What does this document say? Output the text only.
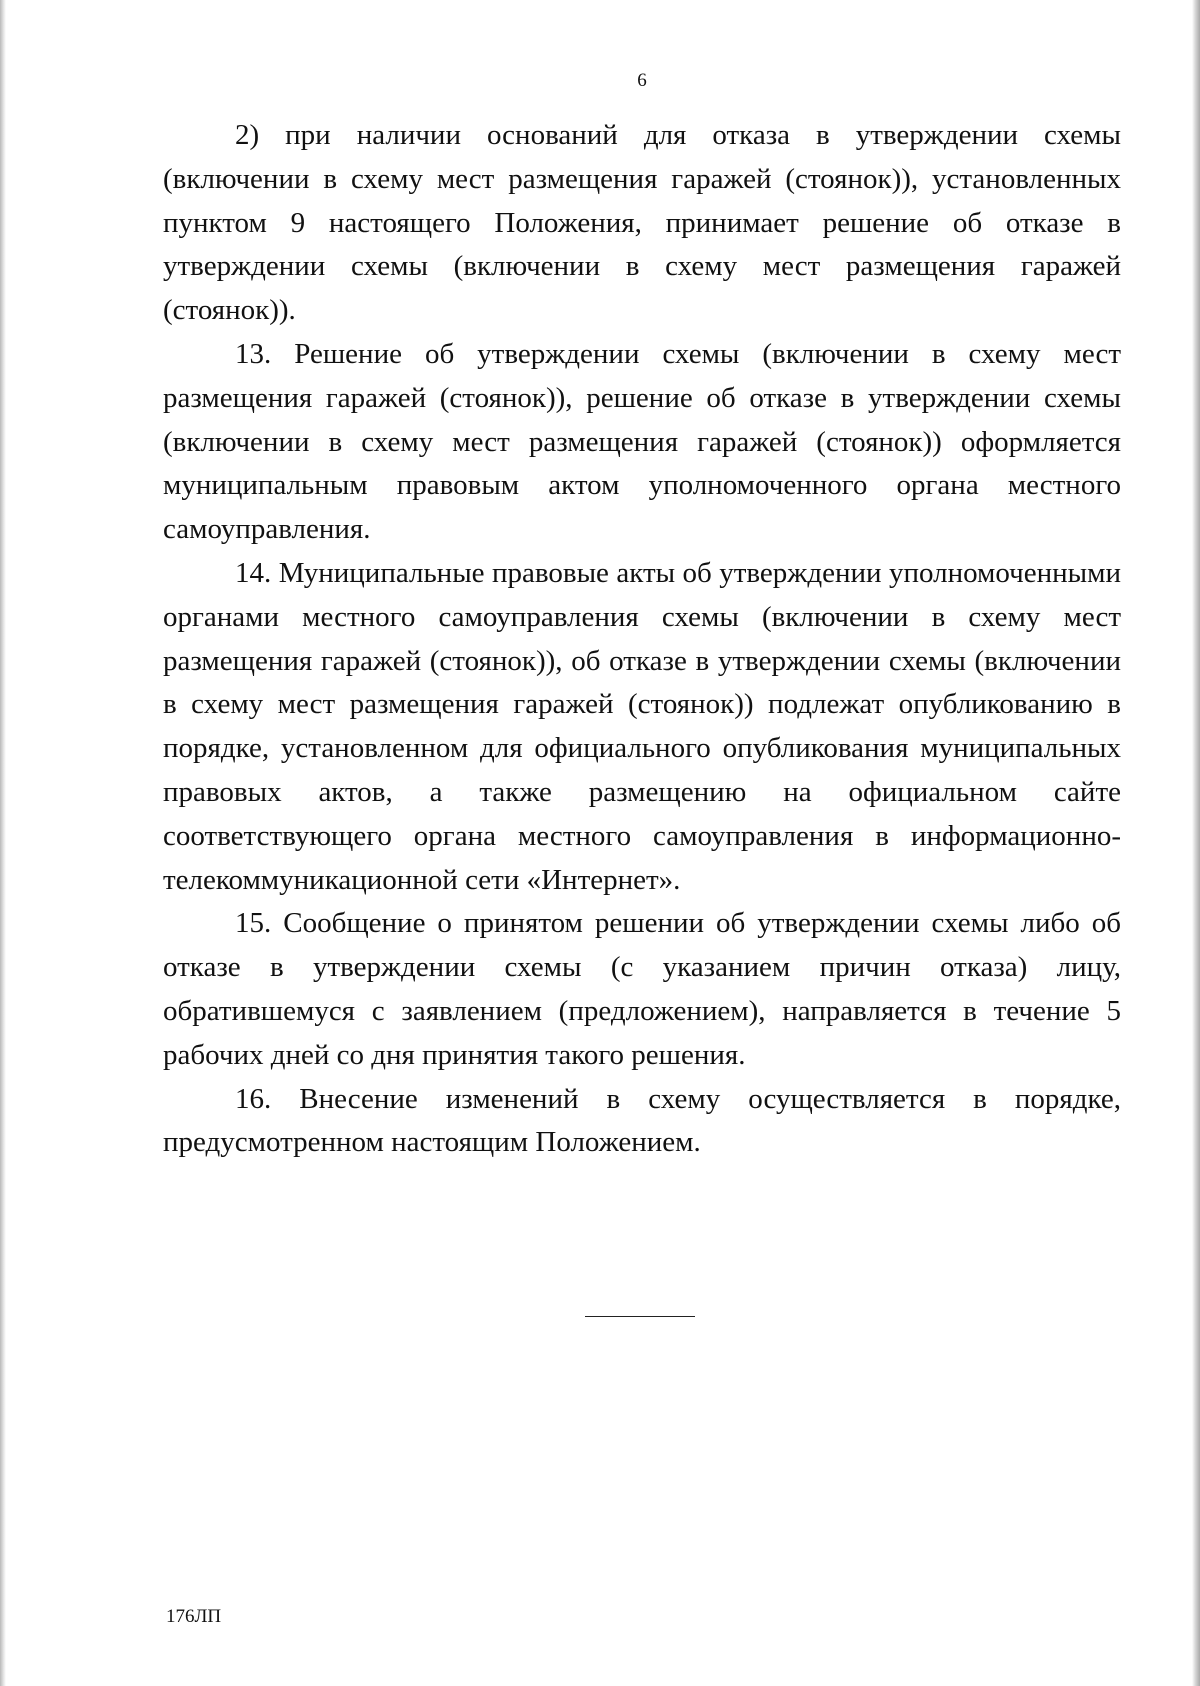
6

2) при наличии оснований для отказа в утверждении схемы (включении в схему мест размещения гаражей (стоянок)), установленных пунктом 9 настоящего Положения, принимает решение об отказе в утверждении схемы (включении в схему мест размещения гаражей (стоянок)).

13. Решение об утверждении схемы (включении в схему мест размещения гаражей (стоянок)), решение об отказе в утверждении схемы (включении в схему мест размещения гаражей (стоянок)) оформляется муниципальным правовым актом уполномоченного органа местного самоуправления.

14. Муниципальные правовые акты об утверждении уполномоченными органами местного самоуправления схемы (включении в схему мест размещения гаражей (стоянок)), об отказе в утверждении схемы (включении в схему мест размещения гаражей (стоянок)) подлежат опубликованию в порядке, установленном для официального опубликования муниципальных правовых актов, а также размещению на официальном сайте соответствующего органа местного самоуправления в информационно-телекоммуникационной сети «Интернет».

15. Сообщение о принятом решении об утверждении схемы либо об отказе в утверждении схемы (с указанием причин отказа) лицу, обратившемуся с заявлением (предложением), направляется в течение 5 рабочих дней со дня принятия такого решения.

16. Внесение изменений в схему осуществляется в порядке, предусмотренном настоящим Положением.

176ЛП
